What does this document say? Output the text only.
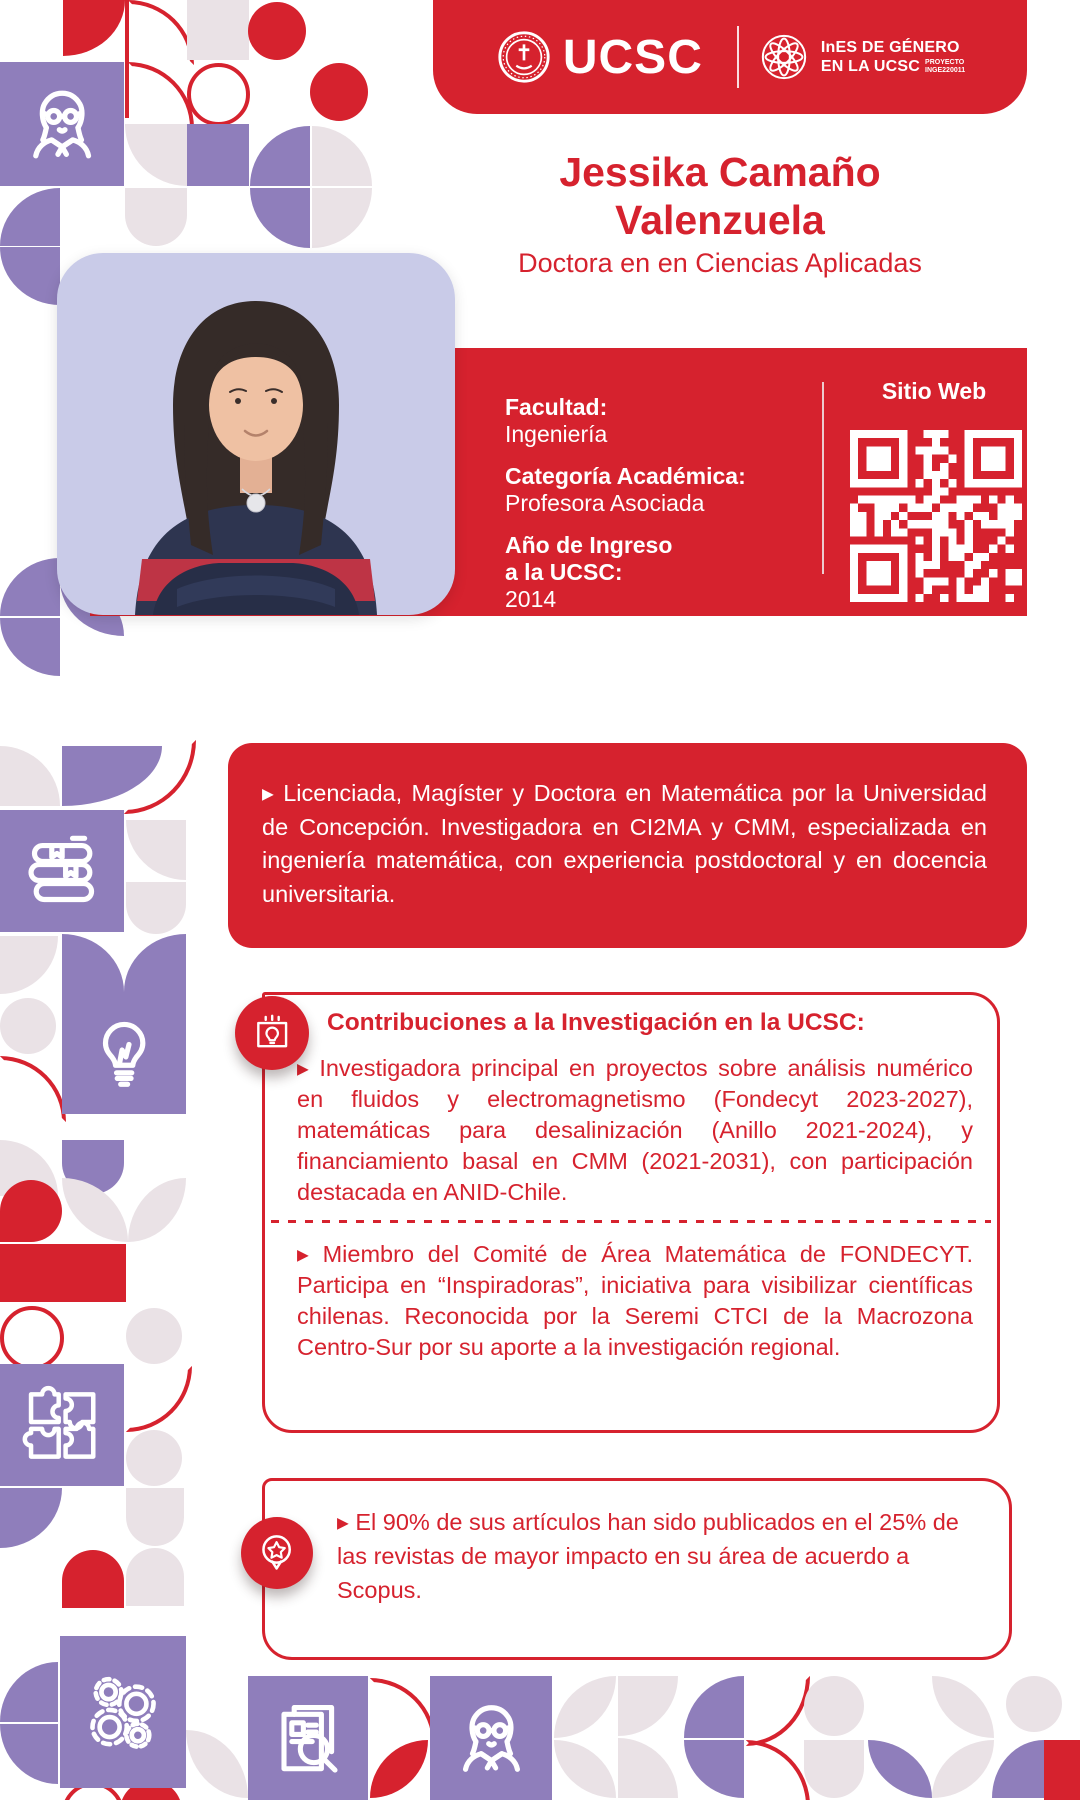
UCSC	InES DE GÉNERO
EN LA UCSC PROYECTO
INGE220011
Jessika Camaño
Valenzuela
Doctora en en Ciencias Aplicadas
Facultad:
Ingeniería
Categoría Académica:
Profesora Asociada
Año de Ingreso
a la UCSC:
2014
Sitio Web

▸ Licenciada, Magíster y Doctora en Matemática por la Universidad de Concepción. Investigadora en CI2MA y CMM, especializada en ingeniería matemática, con experiencia postdoctoral y en docencia universitaria.

Contribuciones a la Investigación en la UCSC:

▸ Investigadora principal en proyectos sobre análisis numérico en fluidos y electromagnetismo (Fondecyt 2023-2027), matemáticas para desalinización (Anillo 2021-2024), y financiamiento basal en CMM (2021-2031), con participación destacada en ANID-Chile.

▸ Miembro del Comité de Área Matemática de FONDECYT. Participa en “Inspiradoras”, iniciativa para visibilizar científicas chilenas. Reconocida por la Seremi CTCI de la Macrozona Centro-Sur por su aporte a la investigación regional.

▸ El 90% de sus artículos han sido publicados en el 25% de las revistas de mayor impacto en su área de acuerdo a Scopus.
